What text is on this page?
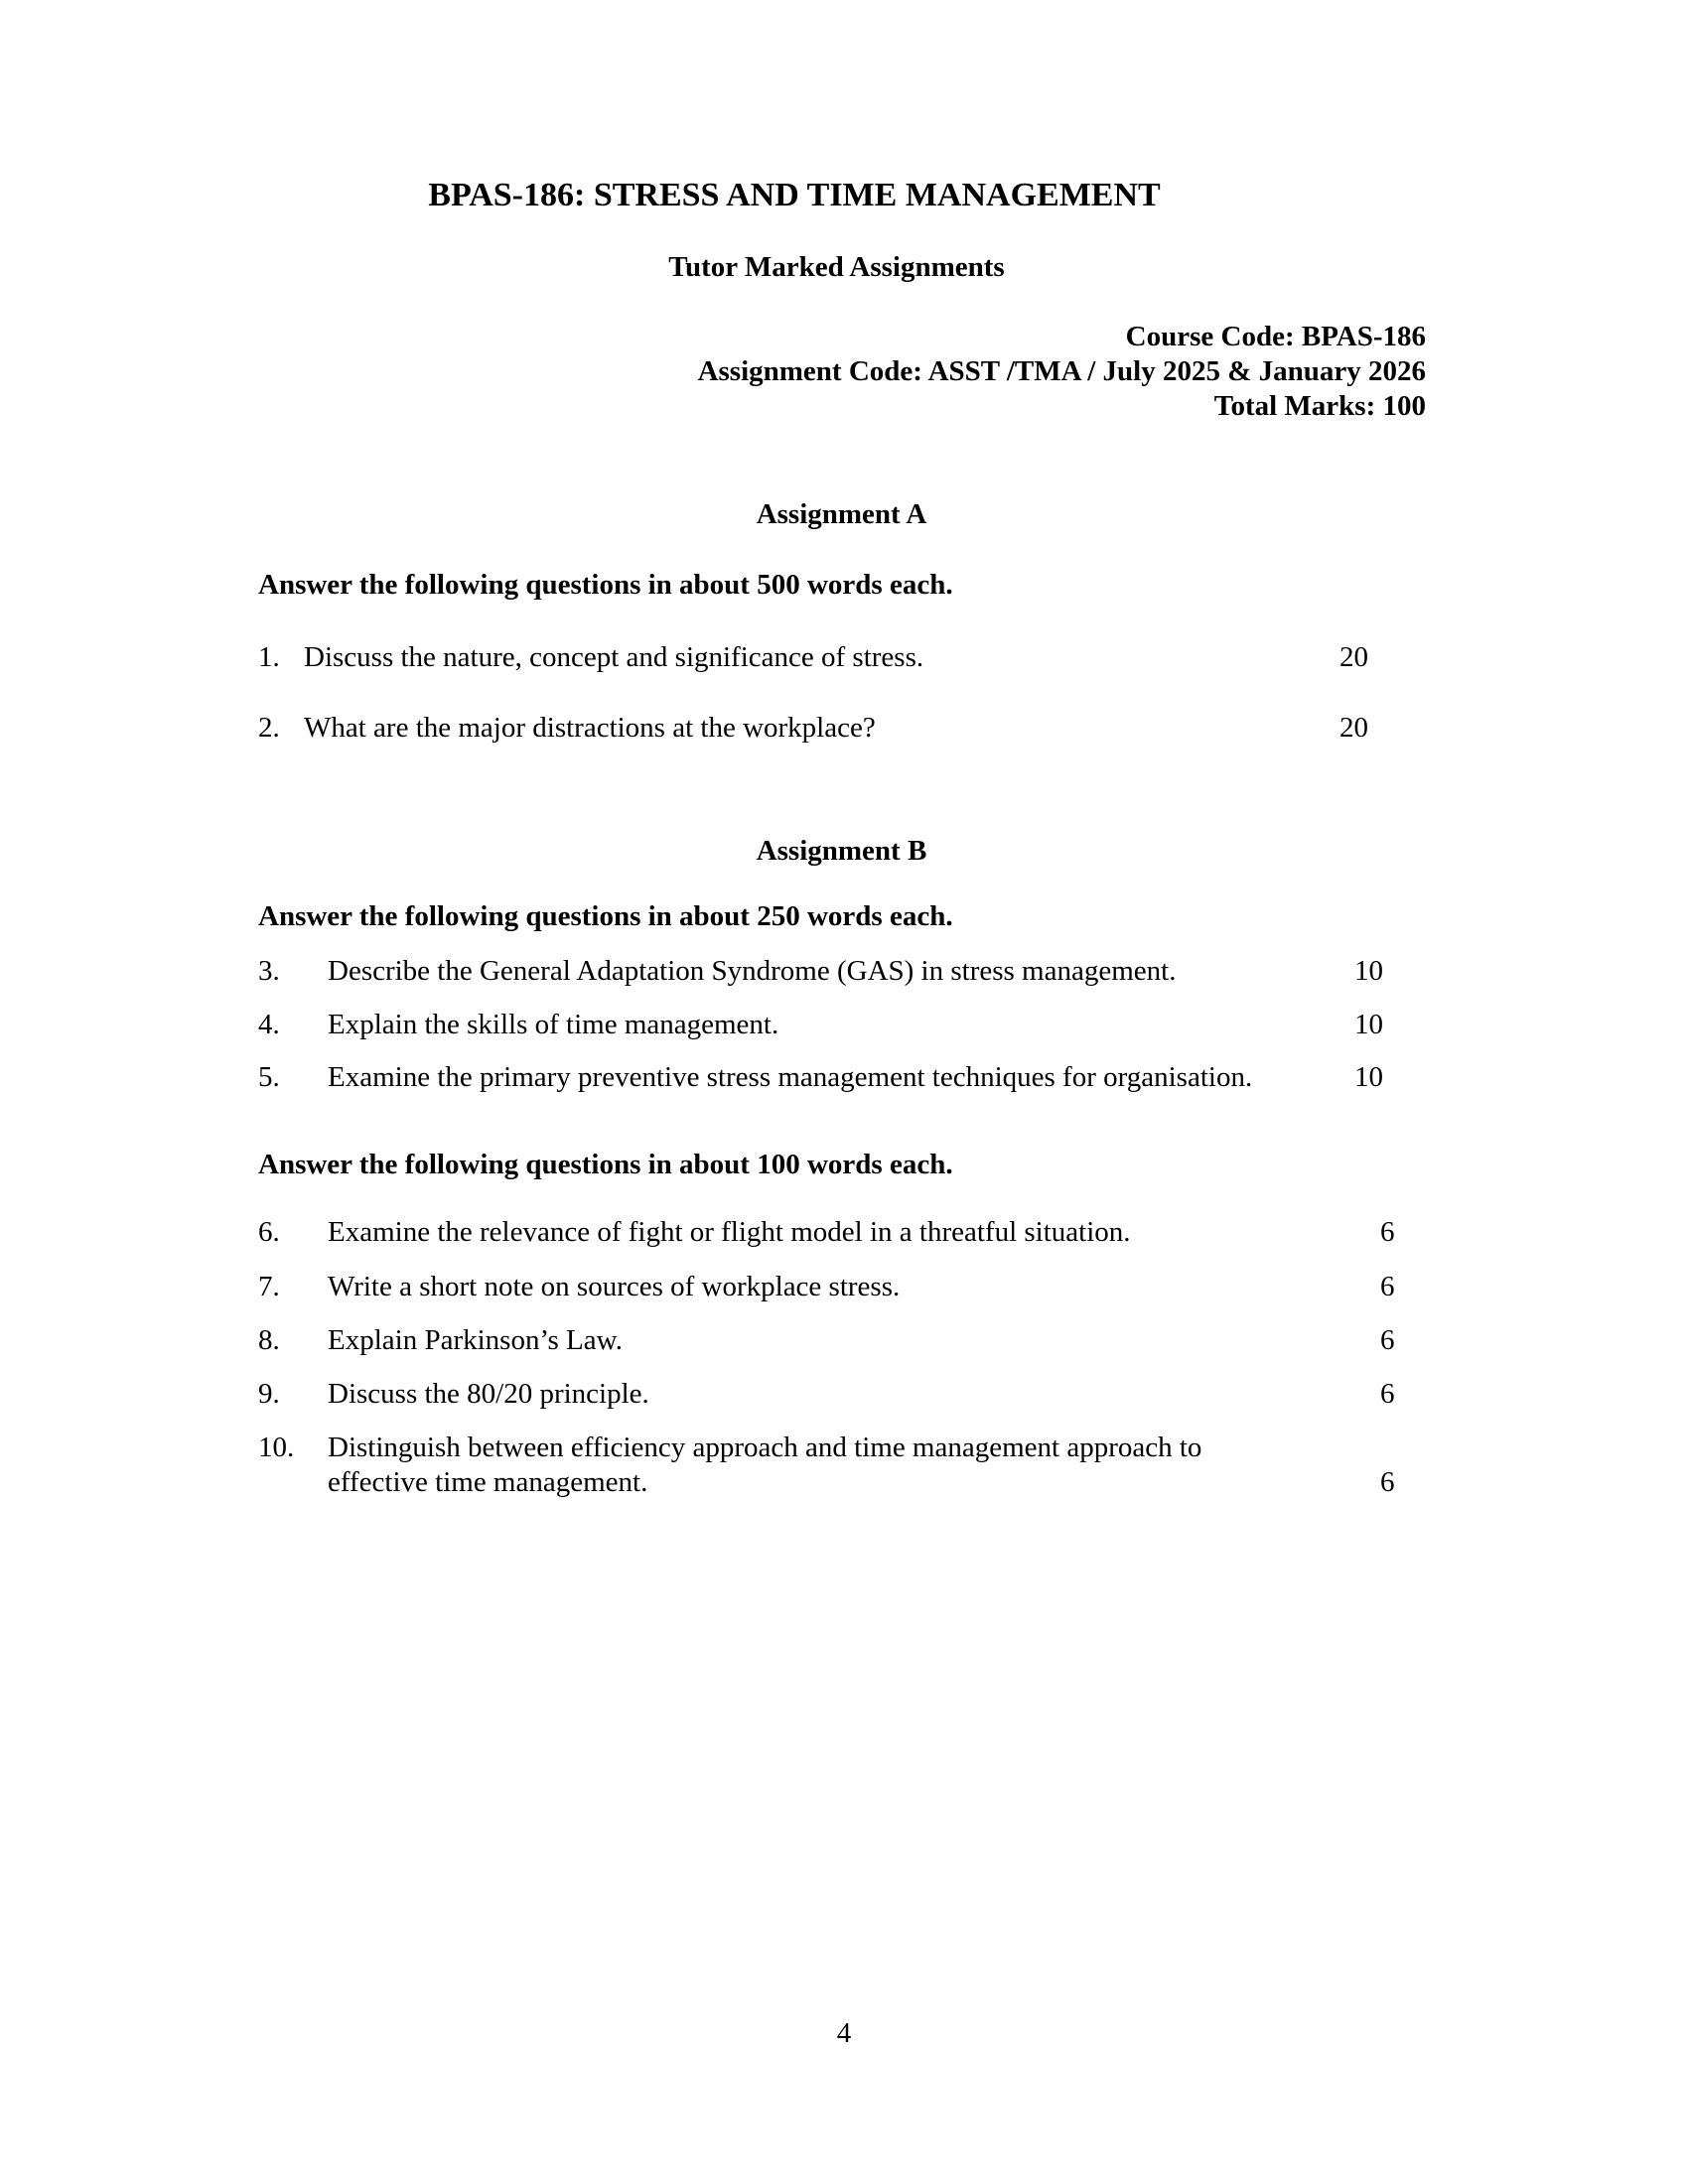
BPAS-186: STRESS AND TIME MANAGEMENT
Tutor Marked Assignments
Course Code: BPAS-186
Assignment Code: ASST /TMA / July 2025 & January 2026
Total Marks: 100
Assignment A
Answer the following questions in about 500 words each.
1. Discuss the nature, concept and significance of stress.	20
2. What are the major distractions at the workplace?	20
Assignment B
Answer the following questions in about 250 words each.
3. Describe the General Adaptation Syndrome (GAS) in stress management.	10
4. Explain the skills of time management.	10
5. Examine the primary preventive stress management techniques for organisation.	10
Answer the following questions in about 100 words each.
6. Examine the relevance of fight or flight model in a threatful situation.	6
7. Write a short note on sources of workplace stress.	6
8. Explain Parkinson’s Law.	6
9. Discuss the 80/20 principle.	6
10. Distinguish between efficiency approach and time management approach to
effective time management.	6
4
